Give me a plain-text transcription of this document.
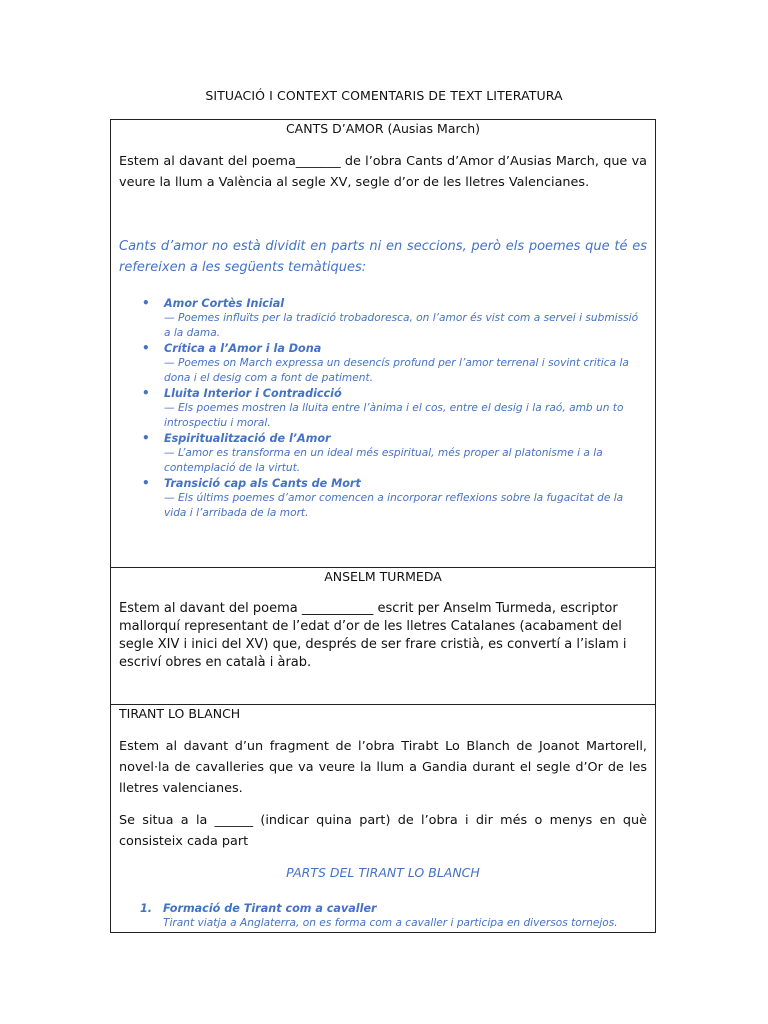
SITUACIÓ I CONTEXT COMENTARIS DE TEXT LITERATURA
CANTS D’AMOR (Ausias March)

Estem al davant del poema_______ de l’obra Cants d’Amor d’Ausias March, que va veure la llum a València al segle XV, segle d’or de les lletres Valencianes.

Cants d’amor no està dividit en parts ni en seccions, però els poemes que té es refereixen a les següents temàtiques:

• Amor Cortès Inicial
— Poemes influïts per la tradició trobadoresca, on l’amor és vist com a servei i submissió a la dama.
• Crítica a l’Amor i la Dona
— Poemes on March expressa un desencís profund per l’amor terrenal i sovint critica la dona i el desig com a font de patiment.
• Lluita Interior i Contradicció
— Els poemes mostren la lluita entre l’ànima i el cos, entre el desig i la raó, amb un to introspectiu i moral.
• Espiritualització de l’Amor
— L’amor es transforma en un ideal més espiritual, més proper al platonisme i a la contemplació de la virtut.
• Transició cap als Cants de Mort
— Els últims poemes d’amor comencen a incorporar reflexions sobre la fugacitat de la vida i l’arribada de la mort.
ANSELM TURMEDA

Estem al davant del poema ___________ escrit per Anselm Turmeda, escriptor mallorquí representant de l’edat d’or de les lletres Catalanes (acabament del segle XIV i inici del XV) que, després de ser frare cristià, es convertí a l’islam i escriví obres en català i àrab.

TIRANT LO BLANCH

Estem al davant d’un fragment de l’obra Tirabt Lo Blanch de Joanot Martorell, novel·la de cavalleries que va veure la llum a Gandia durant el segle d’Or de les lletres valencianes.

Se situa a la ______ (indicar quina part) de l’obra i dir més o menys en què consisteix cada part

PARTS DEL TIRANT LO BLANCH
1. Formació de Tirant com a cavaller
Tirant viatja a Anglaterra, on es forma com a cavaller i participa en diversos tornejos.
